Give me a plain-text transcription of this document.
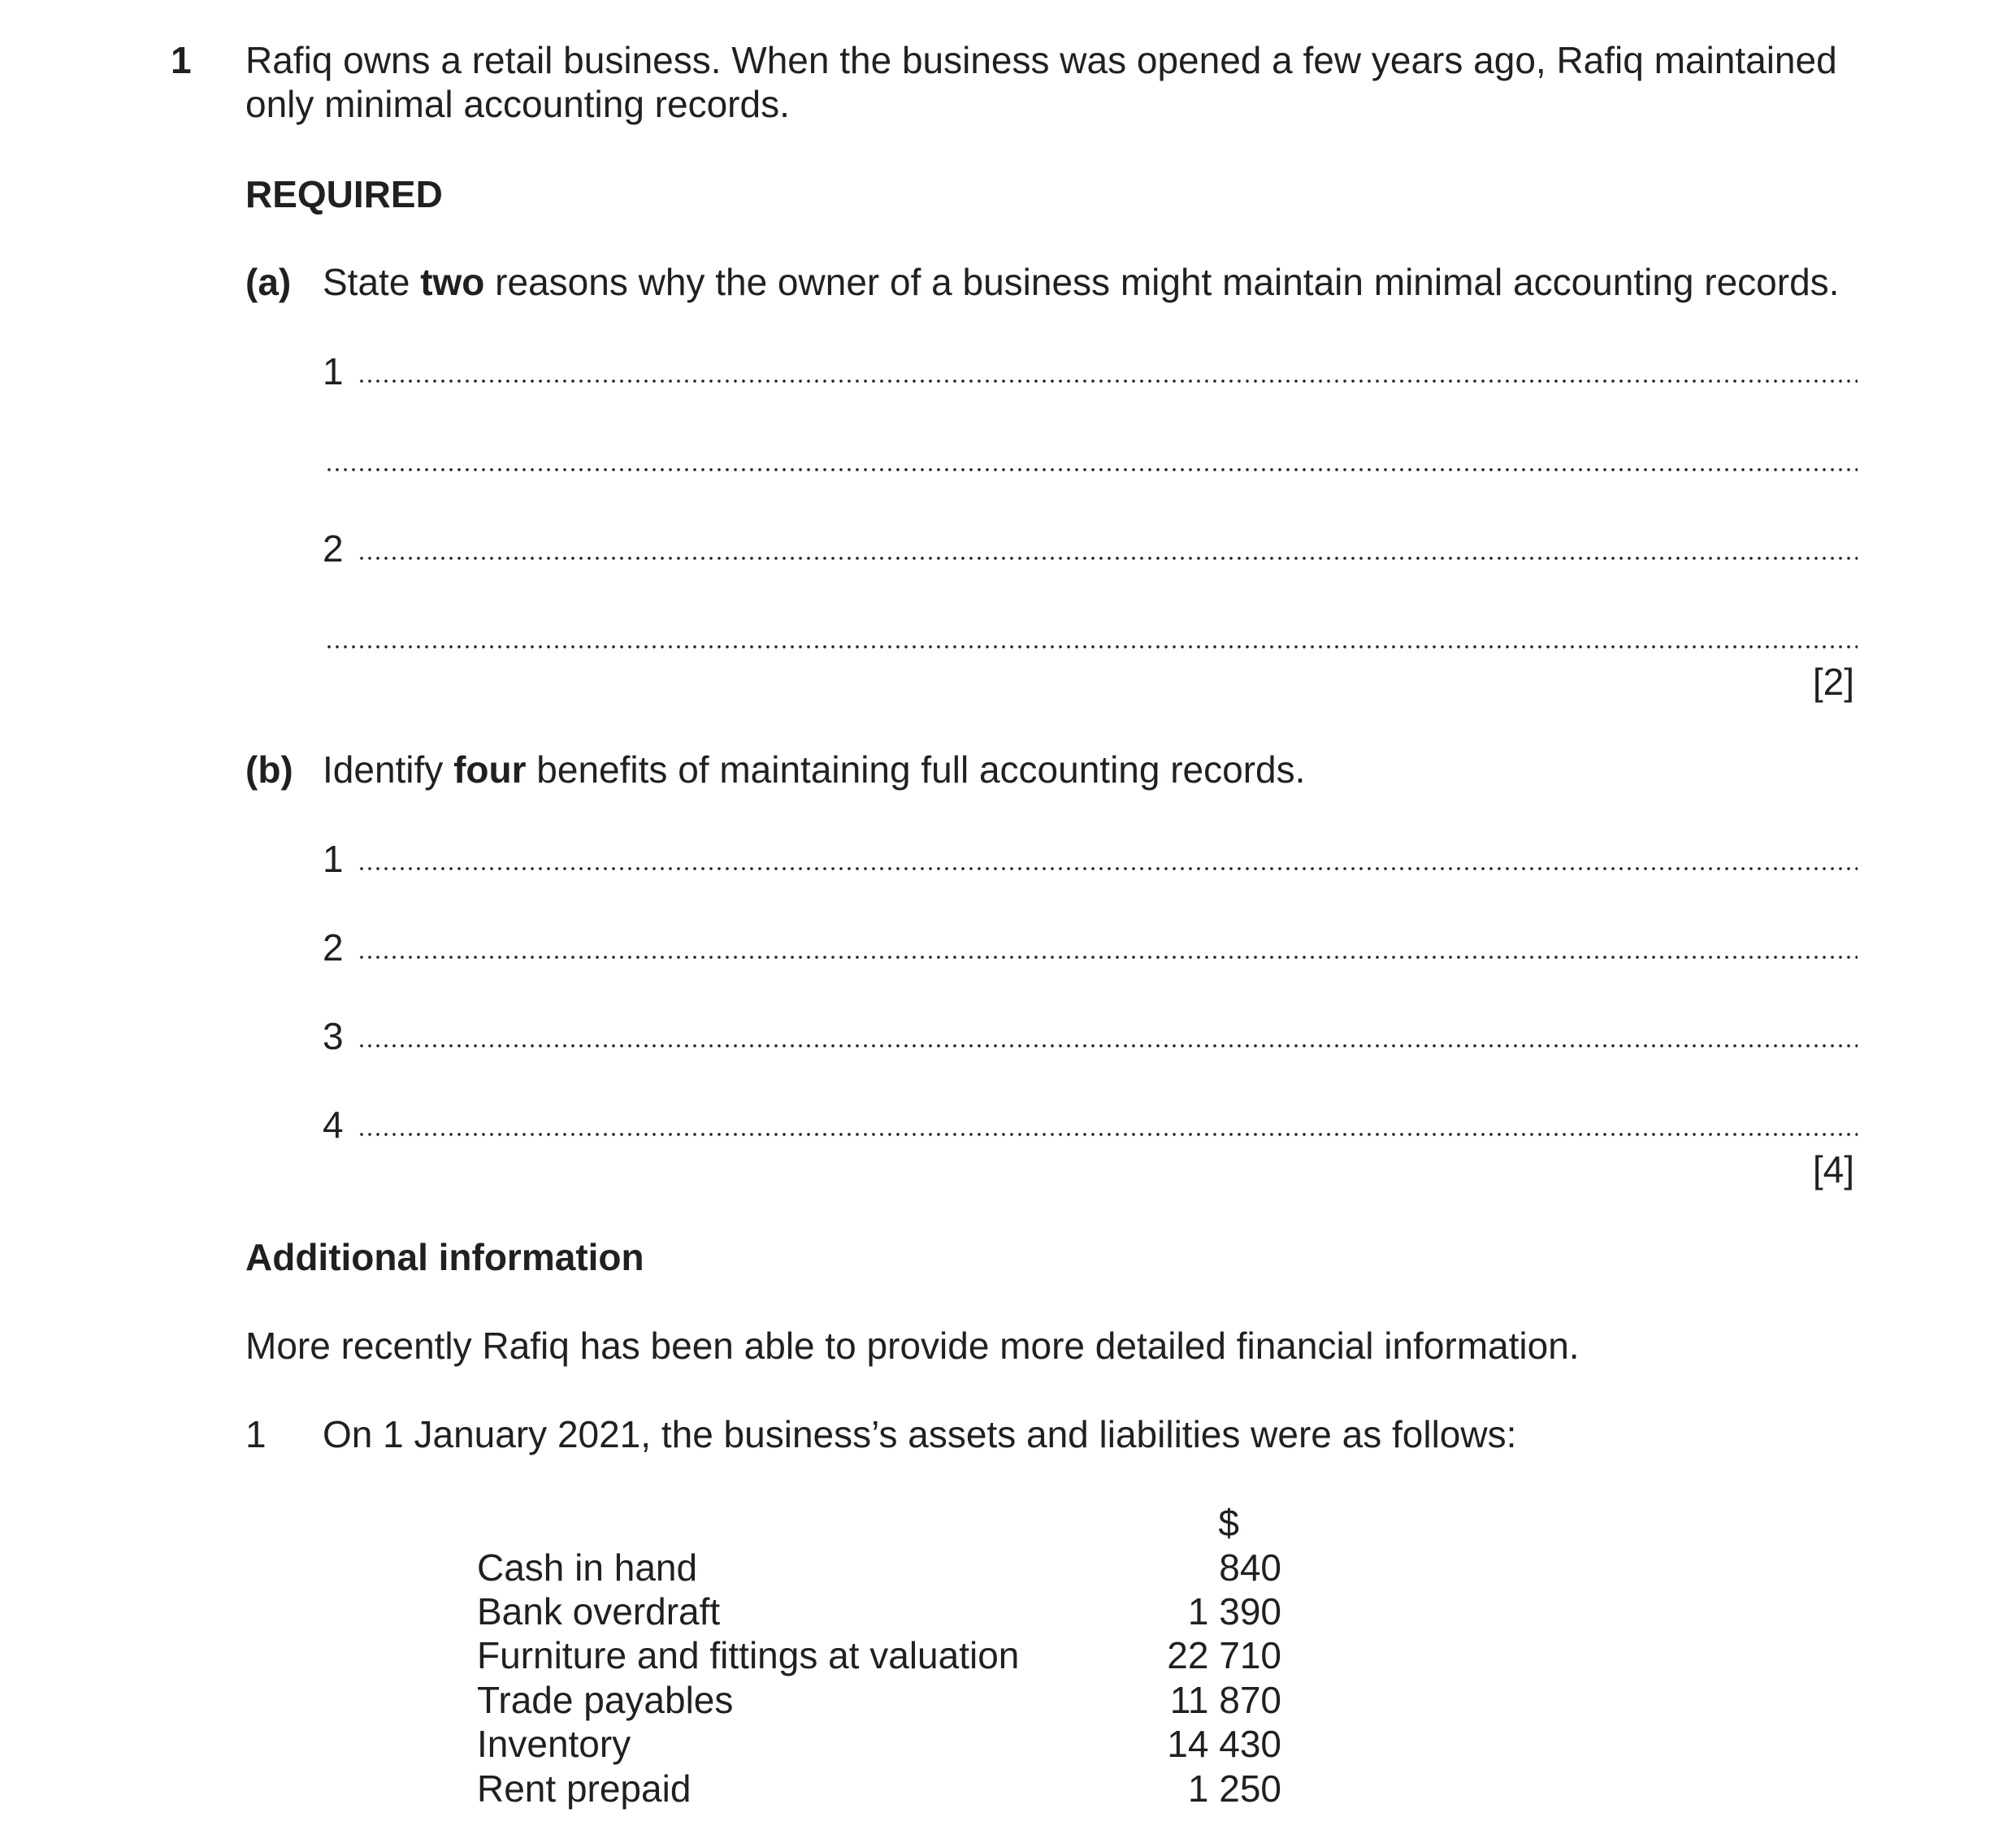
1 Rafiq owns a retail business. When the business was opened a few years ago, Rafiq maintained
only minimal accounting records.
REQUIRED
(a) State two reasons why the owner of a business might maintain minimal accounting records.
1
2
[2]
(b) Identify four benefits of maintaining full accounting records.
1
2
3
4
[4]
Additional information
More recently Rafiq has been able to provide more detailed financial information.
1 On 1 January 2021, the business’s assets and liabilities were as follows:
$
Cash in hand	840
Bank overdraft	1 390
Furniture and fittings at valuation	22 710
Trade payables	11 870
Inventory	14 430
Rent prepaid	1 250
